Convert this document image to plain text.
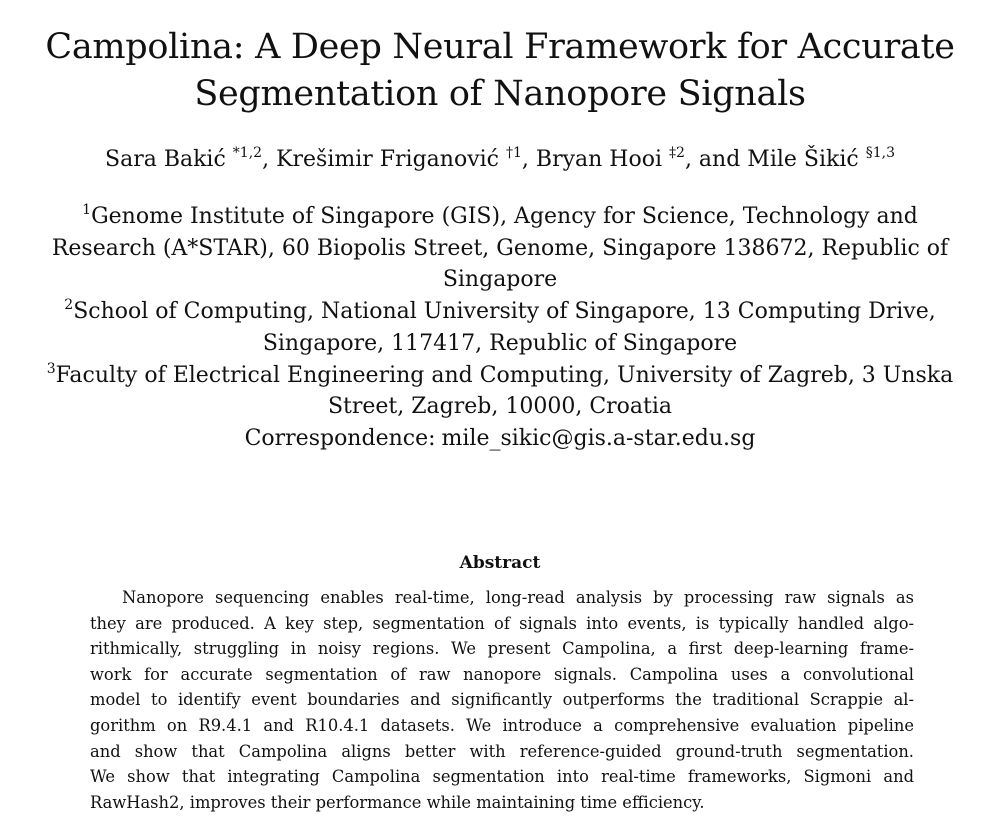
Campolina: A Deep Neural Framework for Accurate
Segmentation of Nanopore Signals
Sara Bakić $^{*1,2}$, Krešimir Friganović $^{\dagger 1}$, Bryan Hooi $^{\ddagger 2}$, and Mile Šikić $^{\S 1,3}$
$^1$Genome Institute of Singapore (GIS), Agency for Science, Technology and
Research (A*STAR), 60 Biopolis Street, Genome, Singapore 138672, Republic of
Singapore
$^2$School of Computing, National University of Singapore, 13 Computing Drive,
Singapore, 117417, Republic of Singapore
$^3$Faculty of Electrical Engineering and Computing, University of Zagreb, 3 Unska
Street, Zagreb, 10000, Croatia
Correspondence: mile_sikic@gis.a-star.edu.sg
Abstract
Nanopore sequencing enables real-time, long-read analysis by processing raw signals as
they are produced. A key step, segmentation of signals into events, is typically handled algo-
rithmically, struggling in noisy regions. We present Campolina, a first deep-learning frame-
work for accurate segmentation of raw nanopore signals. Campolina uses a convolutional
model to identify event boundaries and significantly outperforms the traditional Scrappie al-
gorithm on R9.4.1 and R10.4.1 datasets. We introduce a comprehensive evaluation pipeline
and show that Campolina aligns better with reference-guided ground-truth segmentation.
We show that integrating Campolina segmentation into real-time frameworks, Sigmoni and
RawHash2, improves their performance while maintaining time efficiency.
